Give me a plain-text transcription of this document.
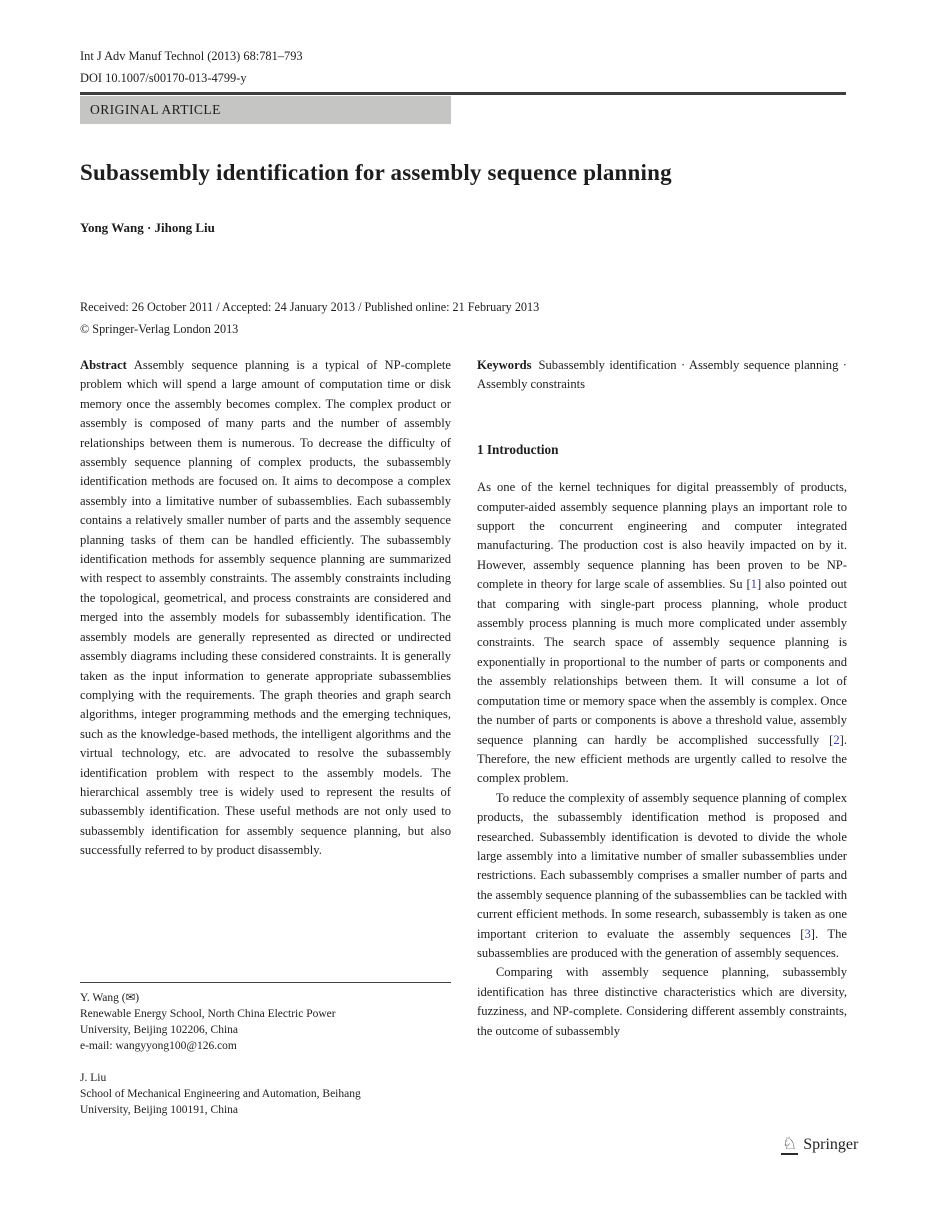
Int J Adv Manuf Technol (2013) 68:781–793
DOI 10.1007/s00170-013-4799-y
ORIGINAL ARTICLE
Subassembly identification for assembly sequence planning
Yong Wang · Jihong Liu
Received: 26 October 2011 / Accepted: 24 January 2013 / Published online: 21 February 2013
© Springer-Verlag London 2013

Abstract Assembly sequence planning is a typical of NP-complete problem which will spend a large amount of computation time or disk memory once the assembly becomes complex. The complex product or assembly is composed of many parts and the number of assembly relationships between them is numerous. To decrease the difficulty of assembly sequence planning of complex products, the subassembly identification methods are focused on. It aims to decompose a complex assembly into a limitative number of subassemblies. Each subassembly contains a relatively smaller number of parts and the assembly sequence planning tasks of them can be handled efficiently. The subassembly identification methods for assembly sequence planning are summarized with respect to assembly constraints. The assembly constraints including the topological, geometrical, and process constraints are considered and merged into the assembly models for subassembly identification. The assembly models are generally represented as directed or undirected assembly diagrams including these considered constraints. It is generally taken as the input information to generate appropriate subassemblies complying with the requirements. The graph theories and graph search algorithms, integer programming methods and the emerging techniques, such as the knowledge-based methods, the intelligent algorithms and the virtual technology, etc. are advocated to resolve the subassembly identification problem with respect to the assembly models. The hierarchical assembly tree is widely used to represent the results of subassembly identification. These useful methods are not only used to subassembly identification for assembly sequence planning, but also successfully referred to by product disassembly.

Keywords Subassembly identification · Assembly sequence planning · Assembly constraints

1 Introduction

As one of the kernel techniques for digital preassembly of products, computer-aided assembly sequence planning plays an important role to support the concurrent engineering and computer integrated manufacturing. The production cost is also heavily impacted on by it. However, assembly sequence planning has been proven to be NP-complete in theory for large scale of assemblies. Su [1] also pointed out that comparing with single-part process planning, whole product assembly process planning is much more complicated under assembly constraints. The search space of assembly sequence planning is exponentially in proportional to the number of parts or components and the assembly relationships between them. It will consume a lot of computation time or memory space when the assembly is complex. Once the number of parts or components is above a threshold value, assembly sequence planning can hardly be accomplished successfully [2]. Therefore, the new efficient methods are urgently called to resolve the complex problem.

To reduce the complexity of assembly sequence planning of complex products, the subassembly identification method is proposed and researched. Subassembly identification is devoted to divide the whole large assembly into a limitative number of smaller subassemblies under restrictions. Each subassembly comprises a smaller number of parts and the assembly sequence planning of the subassemblies can be tackled with current efficient methods. In some research, subassembly is taken as one important criterion to evaluate the assembly sequences [3]. The subassemblies are produced with the generation of assembly sequences.

Comparing with assembly sequence planning, subassembly identification has three distinctive characteristics which are diversity, fuzziness, and NP-complete. Considering different assembly constraints, the outcome of subassembly

Y. Wang (✉)
Renewable Energy School, North China Electric Power
University, Beijing 102206, China
e-mail: wangyyong100@126.com
J. Liu
School of Mechanical Engineering and Automation, Beihang
University, Beijing 100191, China
♘ Springer
